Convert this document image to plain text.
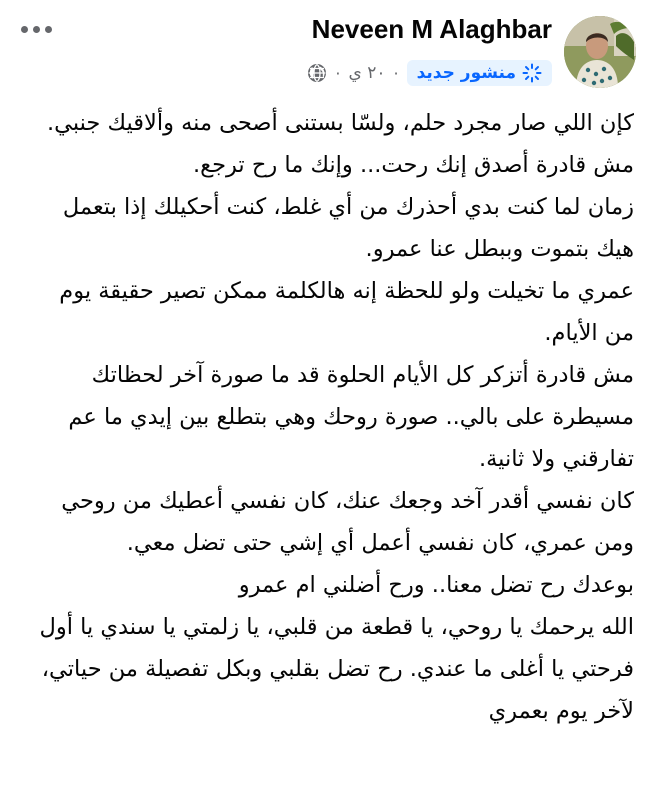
Neveen M Alaghbar
منشور جديد
·
٢٠ ي
·

كإن اللي صار مجرد حلم، ولسّا بستنى أصحى منه وألاقيك جنبي.

مش قادرة أصدق إنك رحت... وإنك ما رح ترجع.

زمان لما كنت بدي أحذرك من أي غلط، كنت أحكيلك إذا بتعمل هيك بتموت وببطل عنا عمرو.

عمري ما تخيلت ولو للحظة إنه هالكلمة ممكن تصير حقيقة يوم من الأيام.

مش قادرة أتزكر كل الأيام الحلوة قد ما صورة آخر لحظاتك مسيطرة على بالي.. صورة روحك وهي بتطلع بين إيدي ما عم تفارقني ولا ثانية.

كان نفسي أقدر آخد وجعك عنك، كان نفسي أعطيك من روحي ومن عمري، كان نفسي أعمل أي إشي حتى تضل معي.

بوعدك رح تضل معنا.. ورح أضلني ام عمرو

الله يرحمك يا روحي، يا قطعة من قلبي، يا زلمتي يا سندي يا أول فرحتي يا أغلى ما عندي. رح تضل بقلبي وبكل تفصيلة من حياتي، لآخر يوم بعمري
